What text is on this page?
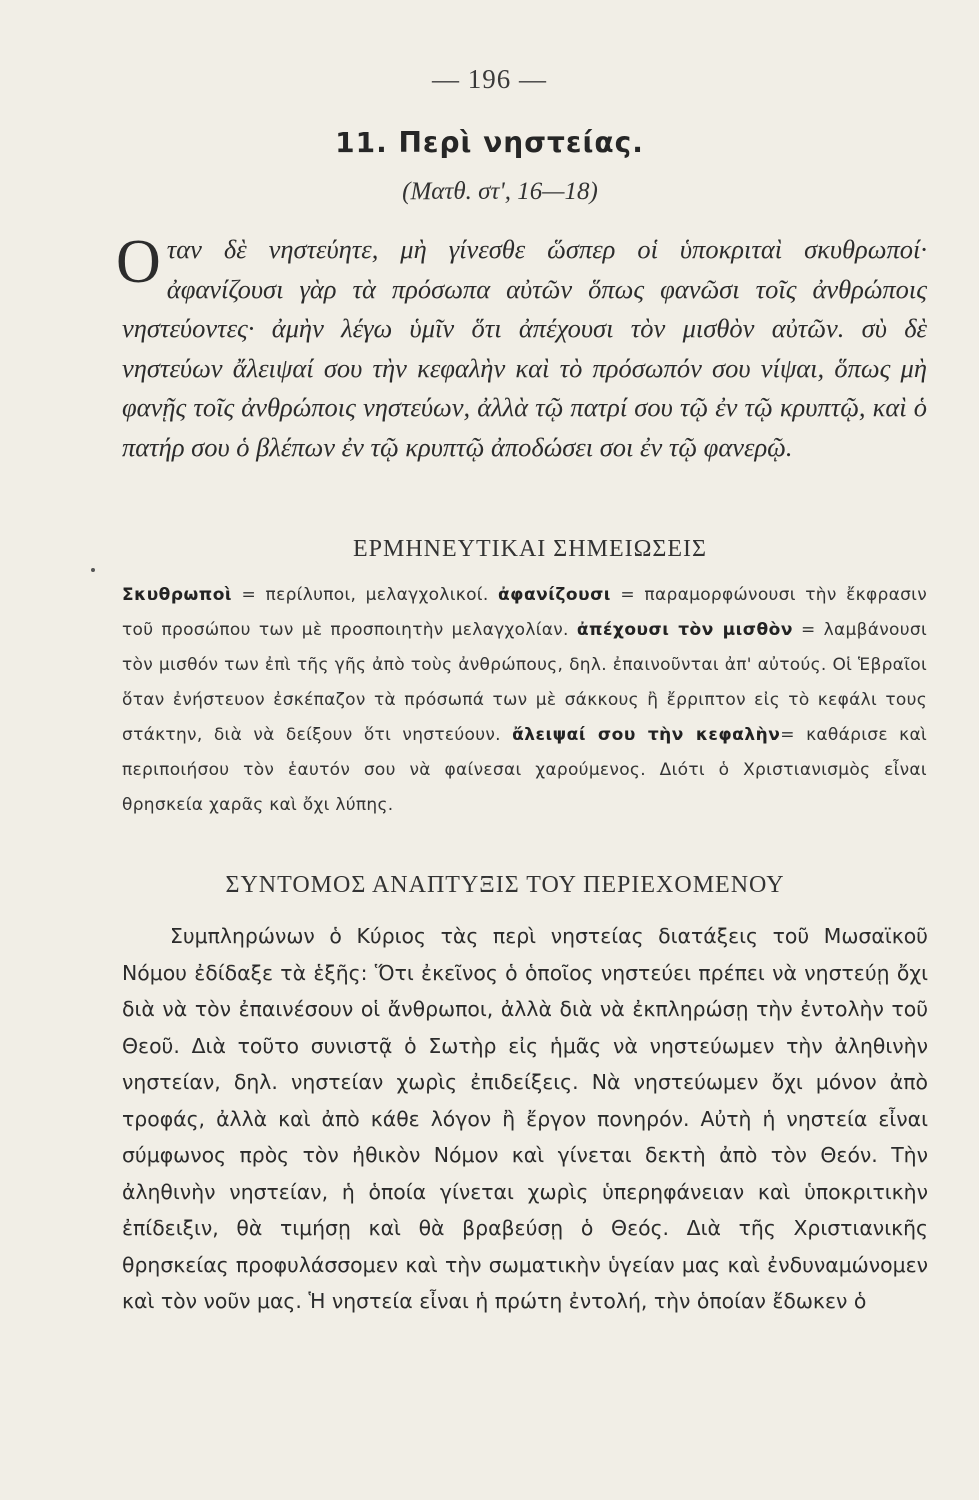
— 196 —
11. Περὶ νηστείας.
(Ματθ. στ', 16—18)
Οταν δὲ νηστεύητε, μὴ γίνεσθε ὥσπερ οἱ ὑποκριταὶ σκυθρωποί· ἀφανίζουσι γὰρ τὰ πρόσωπα αὐτῶν ὅπως φανῶσι τοῖς ἀνθρώποις νηστεύοντες· ἀμὴν λέγω ὑμῖν ὅτι ἀπέχουσι τὸν μισθὸν αὐτῶν. σὺ δὲ νηστεύων ἄλειψαί σου τὴν κεφαλὴν καὶ τὸ πρόσωπόν σου νίψαι, ὅπως μὴ φανῇς τοῖς ἀνθρώποις νηστεύων, ἀλλὰ τῷ πατρί σου τῷ ἐν τῷ κρυπτῷ, καὶ ὁ πατήρ σου ὁ βλέπων ἐν τῷ κρυπτῷ ἀποδώσει σοι ἐν τῷ φανερῷ.
ΕΡΜΗΝΕΥΤΙΚΑΙ ΣΗΜΕΙΩΣΕΙΣ
Σκυθρωποὶ = περίλυποι, μελαγχολικοί. ἀφανίζουσι = παραμορφώνουσι τὴν ἔκφρασιν τοῦ προσώπου των μὲ προσποιητὴν μελαγχολίαν. ἀπέχουσι τὸν μισθὸν = λαμβάνουσι τὸν μισθόν των ἐπὶ τῆς γῆς ἀπὸ τοὺς ἀνθρώπους, δηλ. ἐπαινοῦνται ἀπ' αὐτούς. Οἱ Ἑβραῖοι ὅταν ἐνήστευον ἐσκέπαζον τὰ πρόσωπά των μὲ σάκκους ἢ ἔρριπτον εἰς τὸ κεφάλι τους στάκτην, διὰ νὰ δείξουν ὅτι νηστεύουν. ἄλειψαί σου τὴν κεφαλὴν= καθάρισε καὶ περιποιήσου τὸν ἑαυτόν σου νὰ φαίνεσαι χαρούμενος. Διότι ὁ Χριστιανισμὸς εἶναι θρησκεία χαρᾶς καὶ ὄχι λύπης.
ΣΥΝΤΟΜΟΣ ΑΝΑΠΤΥΞΙΣ ΤΟΥ ΠΕΡΙΕΧΟΜΕΝΟΥ
Συμπληρώνων ὁ Κύριος τὰς περὶ νηστείας διατάξεις τοῦ Μωσαϊκοῦ Νόμου ἐδίδαξε τὰ ἑξῆς: Ὅτι ἐκεῖνος ὁ ὁποῖος νηστεύει πρέπει νὰ νηστεύῃ ὄχι διὰ νὰ τὸν ἐπαινέσουν οἱ ἄνθρωποι, ἀλλὰ διὰ νὰ ἐκπληρώσῃ τὴν ἐντολὴν τοῦ Θεοῦ. Διὰ τοῦτο συνιστᾷ ὁ Σωτὴρ εἰς ἡμᾶς νὰ νηστεύωμεν τὴν ἀληθινὴν νηστείαν, δηλ. νηστείαν χωρὶς ἐπιδείξεις. Νὰ νηστεύωμεν ὄχι μόνον ἀπὸ τροφάς, ἀλλὰ καὶ ἀπὸ κάθε λόγον ἢ ἔργον πονηρόν. Αὐτὴ ἡ νηστεία εἶναι σύμφωνος πρὸς τὸν ἠθικὸν Νόμον καὶ γίνεται δεκτὴ ἀπὸ τὸν Θεόν. Τὴν ἀληθινὴν νηστείαν, ἡ ὁποία γίνεται χωρὶς ὑπερηφάνειαν καὶ ὑποκριτικὴν ἐπίδειξιν, θὰ τιμήσῃ καὶ θὰ βραβεύσῃ ὁ Θεός. Διὰ τῆς Χριστιανικῆς θρησκείας προφυλάσσομεν καὶ τὴν σωματικὴν ὑγείαν μας καὶ ἐνδυναμώνομεν καὶ τὸν νοῦν μας. Ἡ νηστεία εἶναι ἡ πρώτη ἐντολή, τὴν ὁποίαν ἔδωκεν ὁ
